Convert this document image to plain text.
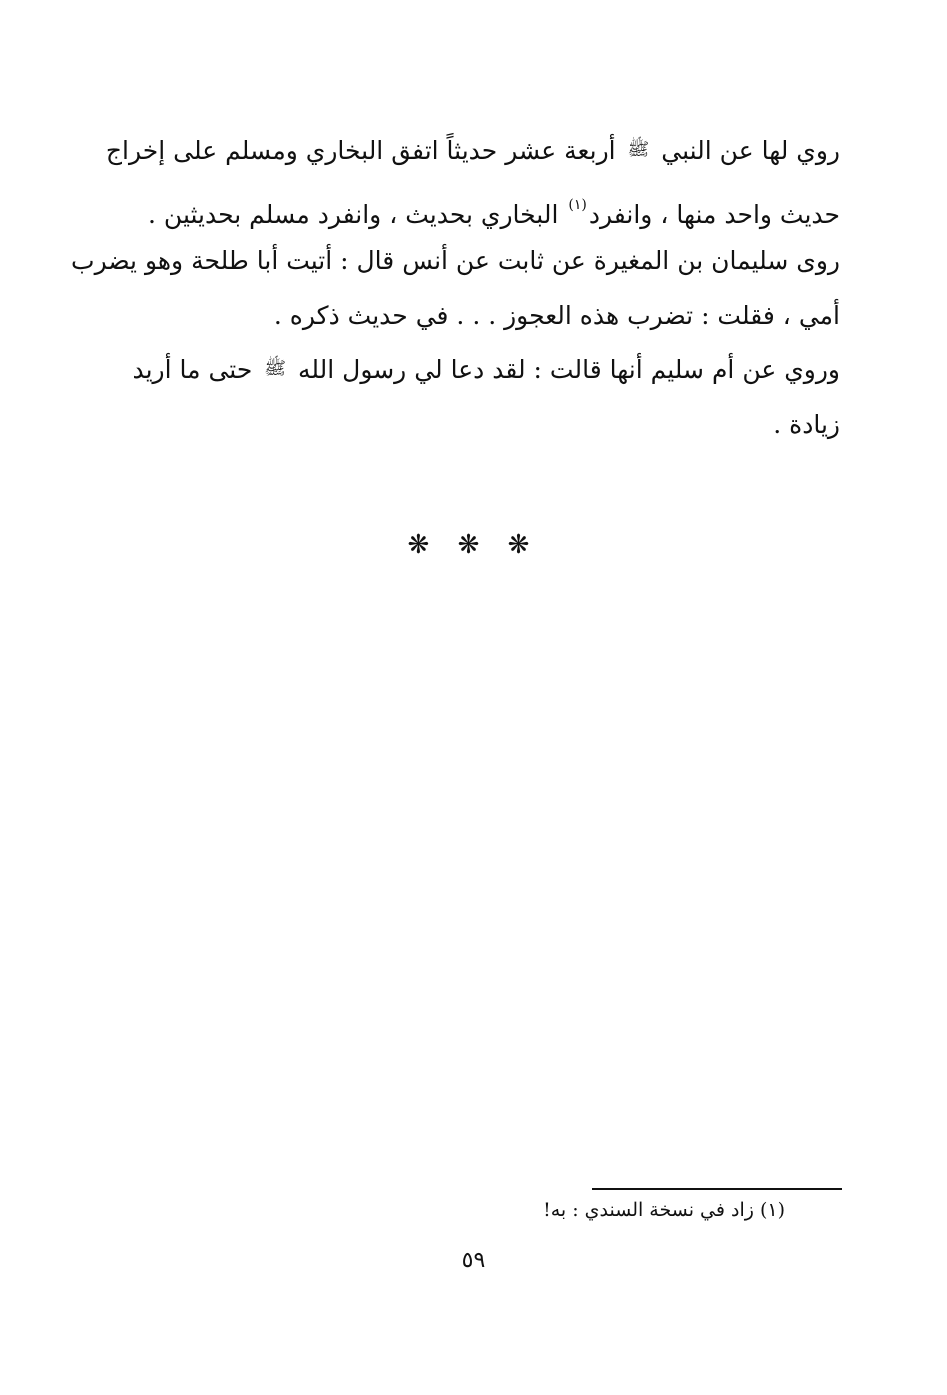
روي لها عن النبي ﷺ أربعة عشر حديثاً اتفق البخاري ومسلم على إخراج
حديث واحد منها ، وانفرد$^{(١)}$ البخاري بحديث ، وانفرد مسلم بحديثين .
روى سليمان بن المغيرة عن ثابت عن أنس قال : أتيت أبا طلحة وهو يضرب
أمي ، فقلت : تضرب هذه العجوز . . . في حديث ذكره .
وروي عن أم سليم أنها قالت : لقد دعا لي رسول الله ﷺ حتى ما أريد
زيادة .
❋ ❋ ❋
(١) زاد في نسخة السندي : به!
٥٩
